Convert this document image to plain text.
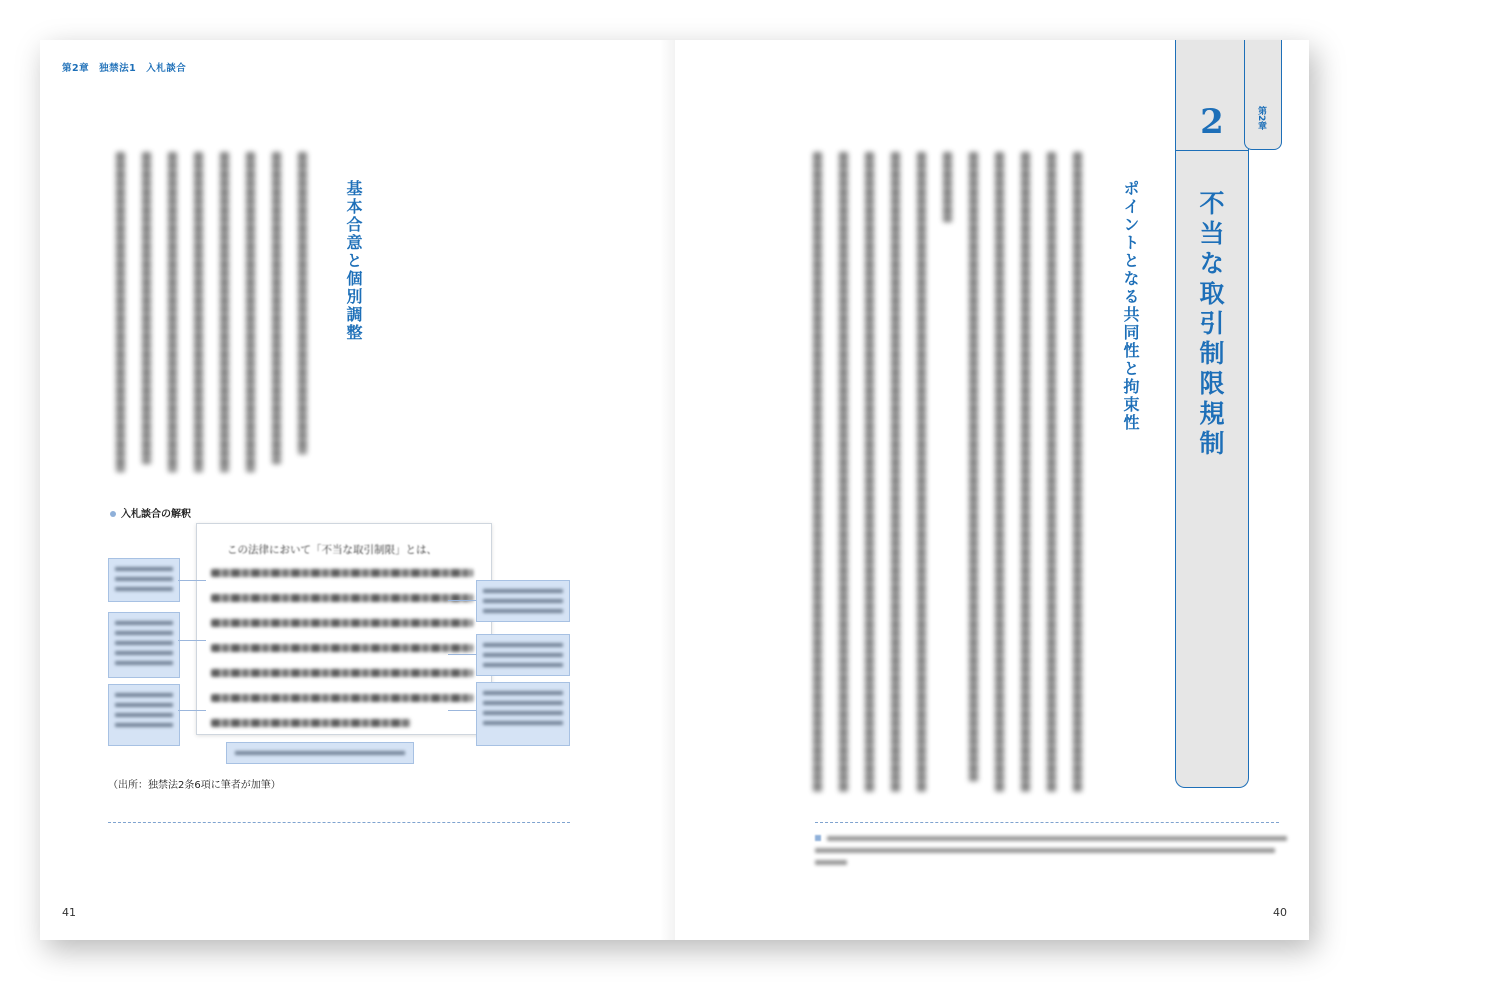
第2章　独禁法1　入札談合
基本合意と個別調整
入札談合の解釈
この法律において「不当な取引制限」とは、
（出所：独禁法2条6項に筆者が加筆）
41
2
不当な取引制限規制
第2章
ポイントとなる共同性と拘束性
40
